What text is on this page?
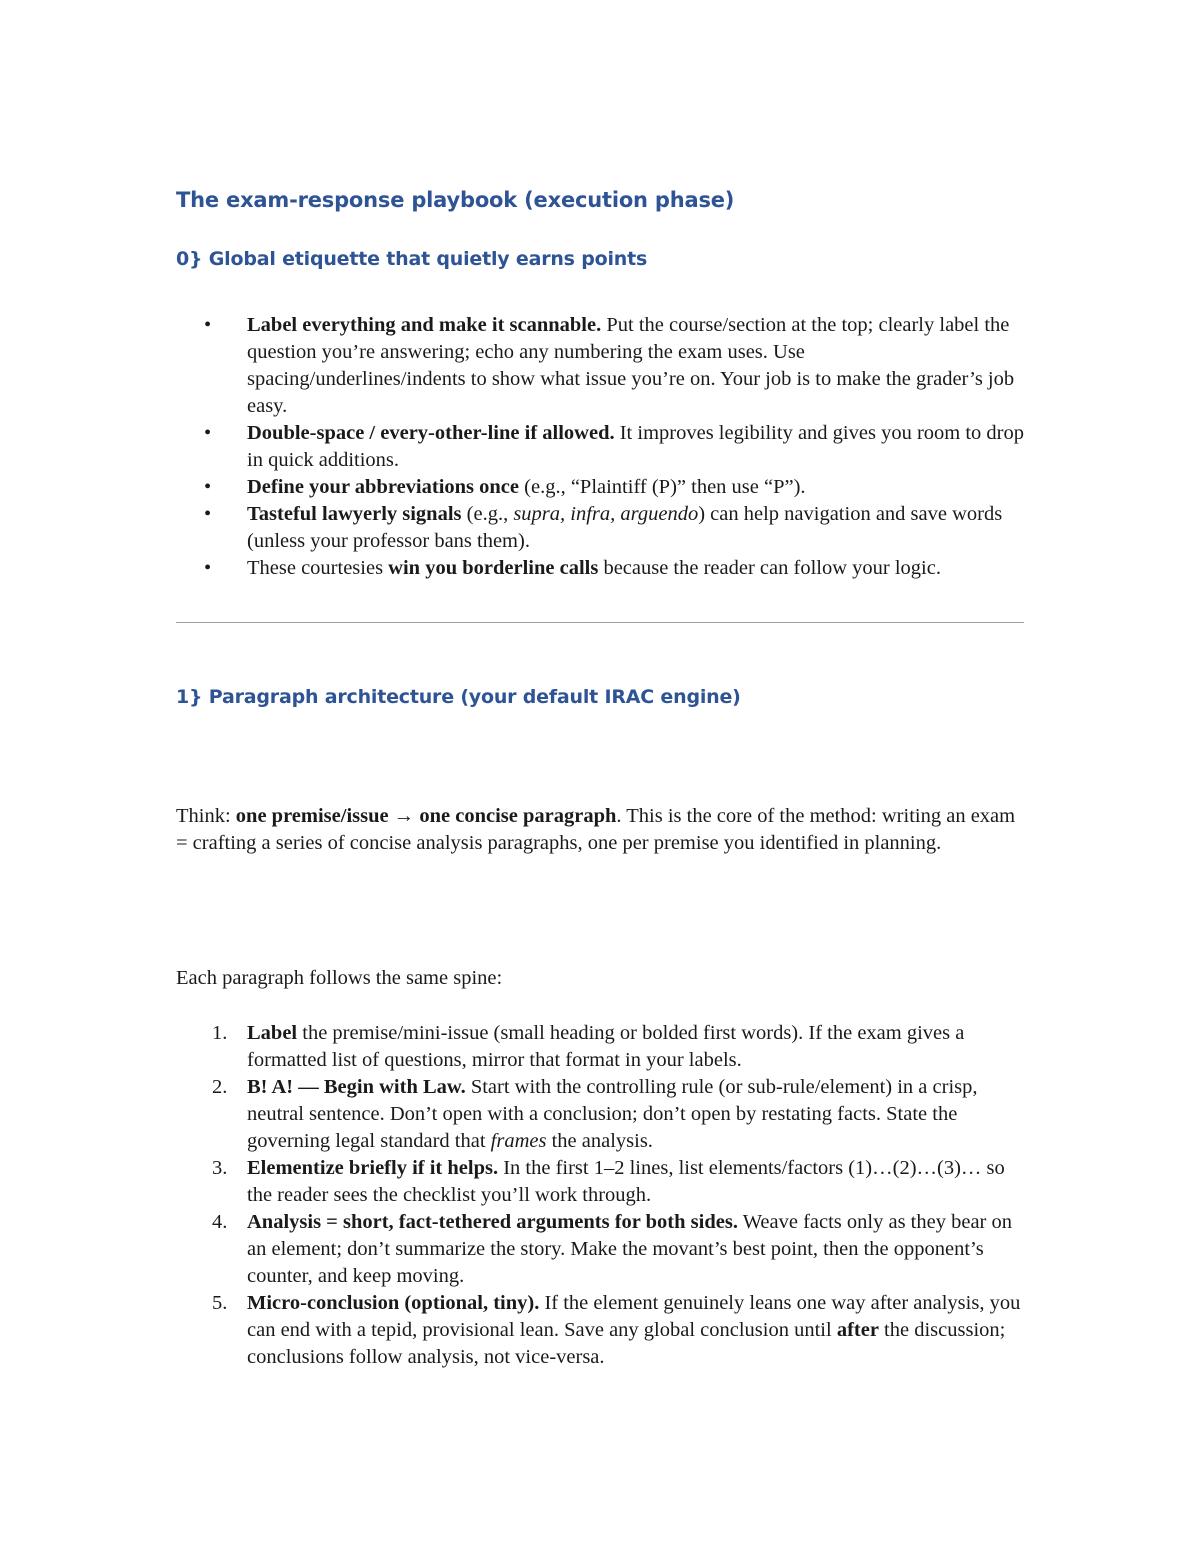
The exam-response playbook (execution phase)
0} Global etiquette that quietly earns points
• Label everything and make it scannable. Put the course/section at the top; clearly label the question you’re answering; echo any numbering the exam uses. Use spacing/underlines/indents to show what issue you’re on. Your job is to make the grader’s job easy.
• Double-space / every-other-line if allowed. It improves legibility and gives you room to drop in quick additions.
• Define your abbreviations once (e.g., “Plaintiff (P)” then use “P”).
• Tasteful lawyerly signals (e.g., supra, infra, arguendo) can help navigation and save words (unless your professor bans them).
• These courtesies win you borderline calls because the reader can follow your logic.
1} Paragraph architecture (your default IRAC engine)

Think: one premise/issue → one concise paragraph. This is the core of the method: writing an exam = crafting a series of concise analysis paragraphs, one per premise you identified in planning.

Each paragraph follows the same spine:

1. Label the premise/mini-issue (small heading or bolded first words). If the exam gives a formatted list of questions, mirror that format in your labels.
2. B! A! — Begin with Law. Start with the controlling rule (or sub-rule/element) in a crisp, neutral sentence. Don’t open with a conclusion; don’t open by restating facts. State the governing legal standard that frames the analysis.
3. Elementize briefly if it helps. In the first 1–2 lines, list elements/factors (1)…(2)…(3)… so the reader sees the checklist you’ll work through.
4. Analysis = short, fact-tethered arguments for both sides. Weave facts only as they bear on an element; don’t summarize the story. Make the movant’s best point, then the opponent’s counter, and keep moving.
5. Micro-conclusion (optional, tiny). If the element genuinely leans one way after analysis, you can end with a tepid, provisional lean. Save any global conclusion until after the discussion; conclusions follow analysis, not vice-versa.
